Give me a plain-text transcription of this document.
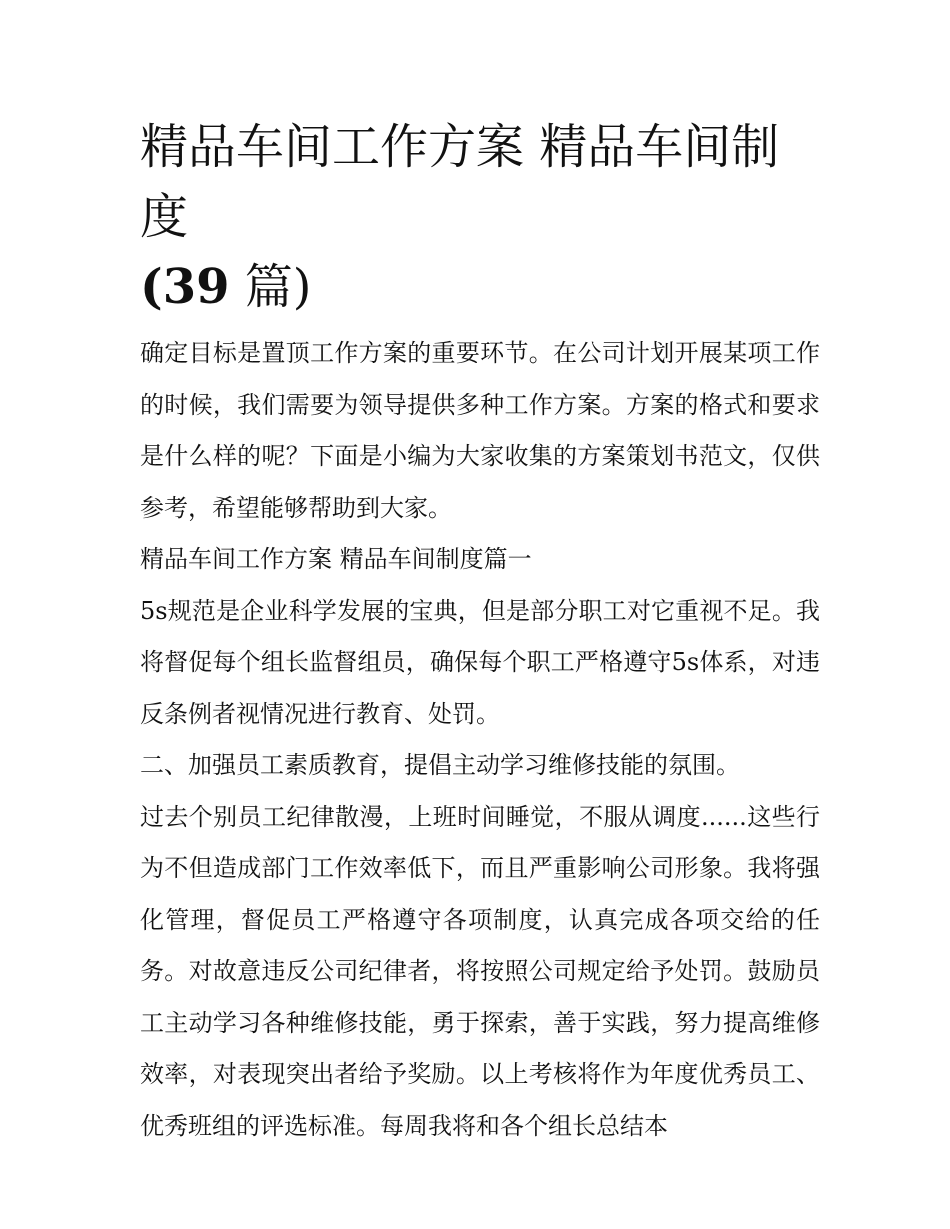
精品车间工作方案 精品车间制度
(39 篇)

确定目标是置顶工作方案的重要环节。在公司计划开展某项工作的时候，我们需要为领导提供多种工作方案。方案的格式和要求是什么样的呢？下面是小编为大家收集的方案策划书范文，仅供参考，希望能够帮助到大家。

精品车间工作方案 精品车间制度篇一

5s规范是企业科学发展的宝典，但是部分职工对它重视不足。我将督促每个组长监督组员，确保每个职工严格遵守5s体系，对违反条例者视情况进行教育、处罚。

二、加强员工素质教育，提倡主动学习维修技能的氛围。

过去个别员工纪律散漫，上班时间睡觉，不服从调度......这些行为不但造成部门工作效率低下，而且严重影响公司形象。我将强化管理，督促员工严格遵守各项制度，认真完成各项交给的任务。对故意违反公司纪律者，将按照公司规定给予处罚。鼓励员工主动学习各种维修技能，勇于探索，善于实践，努力提高维修效率，对表现突出者给予奖励。以上考核将作为年度优秀员工、优秀班组的评选标准。每周我将和各个组长总结本
